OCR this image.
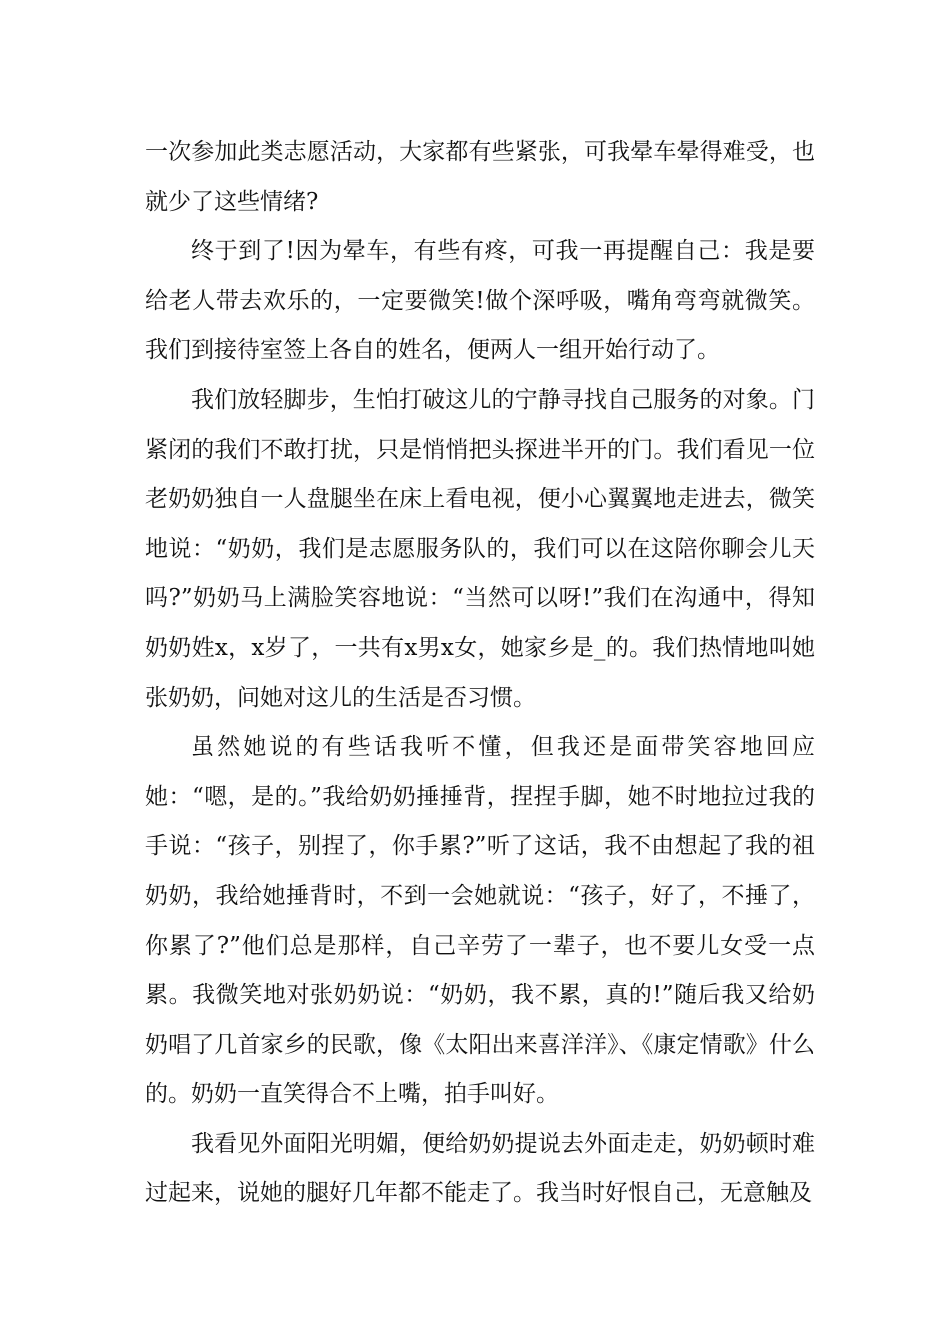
一次参加此类志愿活动，大家都有些紧张，可我晕车晕得难受，也就少了这些情绪?

终于到了!因为晕车，有些有疼，可我一再提醒自己：我是要给老人带去欢乐的，一定要微笑!做个深呼吸，嘴角弯弯就微笑。我们到接待室签上各自的姓名，便两人一组开始行动了。

我们放轻脚步，生怕打破这儿的宁静寻找自己服务的对象。门紧闭的我们不敢打扰，只是悄悄把头探进半开的门。我们看见一位老奶奶独自一人盘腿坐在床上看电视，便小心翼翼地走进去，微笑地说：“奶奶，我们是志愿服务队的，我们可以在这陪你聊会儿天吗?”奶奶马上满脸笑容地说：“当然可以呀!”我们在沟通中，得知奶奶姓x，x岁了，一共有x男x女，她家乡是_的。我们热情地叫她张奶奶，问她对这儿的生活是否习惯。

虽然她说的有些话我听不懂，但我还是面带笑容地回应她：“嗯，是的。”我给奶奶捶捶背，捏捏手脚，她不时地拉过我的手说：“孩子，别捏了，你手累?”听了这话，我不由想起了我的祖奶奶，我给她捶背时，不到一会她就说：“孩子，好了，不捶了，你累了?”他们总是那样，自己辛劳了一辈子，也不要儿女受一点累。我微笑地对张奶奶说：“奶奶，我不累，真的!”随后我又给奶奶唱了几首家乡的民歌，像《太阳出来喜洋洋》、《康定情歌》什么的。奶奶一直笑得合不上嘴，拍手叫好。

我看见外面阳光明媚，便给奶奶提说去外面走走，奶奶顿时难过起来，说她的腿好几年都不能走了。我当时好恨自己，无意触及
